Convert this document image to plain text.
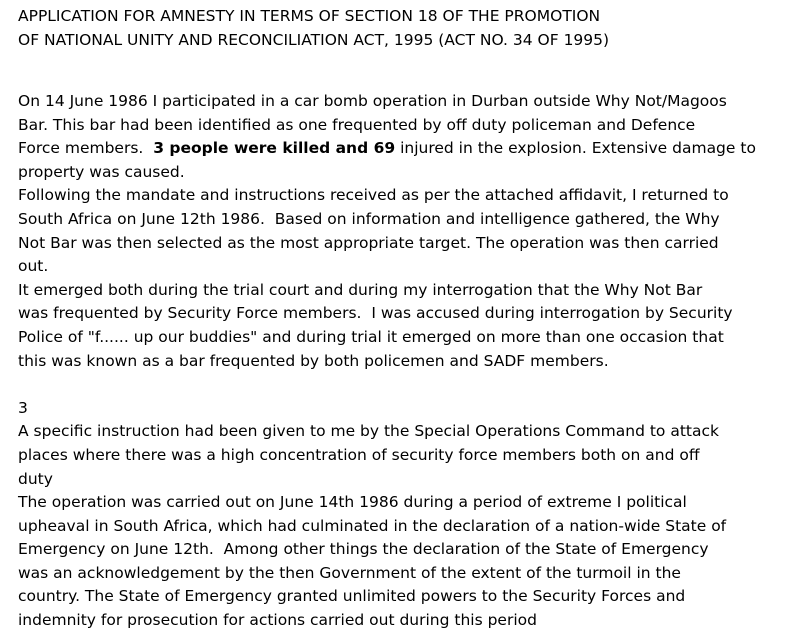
APPLICATION FOR AMNESTY IN TERMS OF SECTION 18 OF THE PROMOTION
OF NATIONAL UNITY AND RECONCILIATION ACT, 1995 (ACT NO. 34 OF 1995)
On 14 June 1986 I participated in a car bomb operation in Durban outside Why Not/Magoos
Bar. This bar had been identified as one frequented by off duty policeman and Defence
Force members.  3 people were killed and 69 injured in the explosion. Extensive damage to
property was caused.
Following the mandate and instructions received as per the attached affidavit, I returned to
South Africa on June 12th 1986.  Based on information and intelligence gathered, the Why
Not Bar was then selected as the most appropriate target. The operation was then carried
out.
It emerged both during the trial court and during my interrogation that the Why Not Bar
was frequented by Security Force members.  I was accused during interrogation by Security
Police of "f...... up our buddies" and during trial it emerged on more than one occasion that
this was known as a bar frequented by both policemen and SADF members.
3
A specific instruction had been given to me by the Special Operations Command to attack
places where there was a high concentration of security force members both on and off
duty
The operation was carried out on June 14th 1986 during a period of extreme I political
upheaval in South Africa, which had culminated in the declaration of a nation-wide State of
Emergency on June 12th.  Among other things the declaration of the State of Emergency
was an acknowledgement by the then Government of the extent of the turmoil in the
country. The State of Emergency granted unlimited powers to the Security Forces and
indemnity for prosecution for actions carried out during this period
